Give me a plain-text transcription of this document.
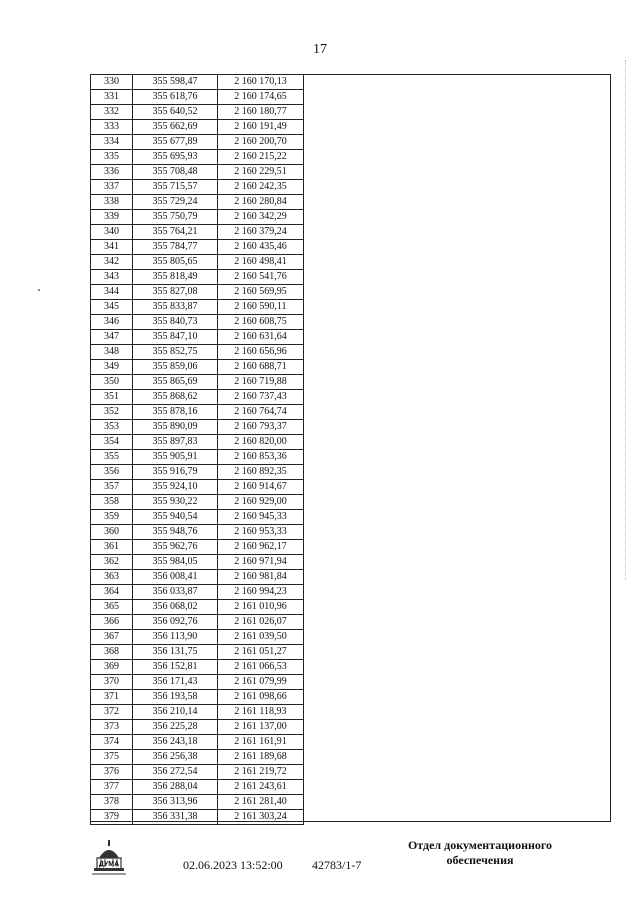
17
330	355 598,47	2 160 170,13
331	355 618,76	2 160 174,65
332	355 640,52	2 160 180,77
333	355 662,69	2 160 191,49
334	355 677,89	2 160 200,70
335	355 695,93	2 160 215,22
336	355 708,48	2 160 229,51
337	355 715,57	2 160 242,35
338	355 729,24	2 160 280,84
339	355 750,79	2 160 342,29
340	355 764,21	2 160 379,24
341	355 784,77	2 160 435,46
342	355 805,65	2 160 498,41
343	355 818,49	2 160 541,76
344	355 827,08	2 160 569,95
345	355 833,87	2 160 590,11
346	355 840,73	2 160 608,75
347	355 847,10	2 160 631,64
348	355 852,75	2 160 656,96
349	355 859,06	2 160 688,71
350	355 865,69	2 160 719,88
351	355 868,62	2 160 737,43
352	355 878,16	2 160 764,74
353	355 890,09	2 160 793,37
354	355 897,83	2 160 820,00
355	355 905,91	2 160 853,36
356	355 916,79	2 160 892,35
357	355 924,10	2 160 914,67
358	355 930,22	2 160 929,00
359	355 940,54	2 160 945,33
360	355 948,76	2 160 953,33
361	355 962,76	2 160 962,17
362	355 984,05	2 160 971,94
363	356 008,41	2 160 981,84
364	356 033,87	2 160 994,23
365	356 068,02	2 161 010,96
366	356 092,76	2 161 026,07
367	356 113,90	2 161 039,50
368	356 131,75	2 161 051,27
369	356 152,81	2 161 066,53
370	356 171,43	2 161 079,99
371	356 193,58	2 161 098,66
372	356 210,14	2 161 118,93
373	356 225,28	2 161 137,00
374	356 243,18	2 161 161,91
375	356 256,38	2 161 189,68
376	356 272,54	2 161 219,72
377	356 288,04	2 161 243,61
378	356 313,96	2 161 281,40
379	356 331,38	2 161 303,24
ДУМА	02.06.2023 13:52:00 42783/1-7
Отдел документационного
обеспечения
